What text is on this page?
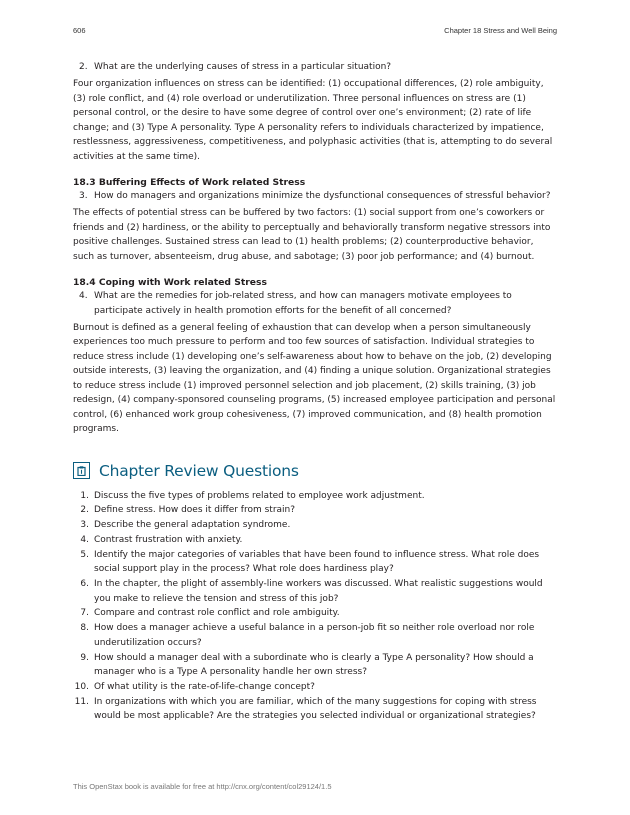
606	Chapter 18 Stress and Well Being
2. What are the underlying causes of stress in a particular situation?

Four organization influences on stress can be identified: (1) occupational differences, (2) role ambiguity, (3) role conflict, and (4) role overload or underutilization. Three personal influences on stress are (1) personal control, or the desire to have some degree of control over one’s environment; (2) rate of life change; and (3) Type A personality. Type A personality refers to individuals characterized by impatience, restlessness, aggressiveness, competitiveness, and polyphasic activities (that is, attempting to do several activities at the same time).

18.3 Buffering Effects of Work related Stress
3. How do managers and organizations minimize the dysfunctional consequences of stressful behavior?

The effects of potential stress can be buffered by two factors: (1) social support from one’s coworkers or friends and (2) hardiness, or the ability to perceptually and behaviorally transform negative stressors into positive challenges. Sustained stress can lead to (1) health problems; (2) counterproductive behavior, such as turnover, absenteeism, drug abuse, and sabotage; (3) poor job performance; and (4) burnout.

18.4 Coping with Work related Stress
4. What are the remedies for job-related stress, and how can managers motivate employees to participate actively in health promotion efforts for the benefit of all concerned?

Burnout is defined as a general feeling of exhaustion that can develop when a person simultaneously experiences too much pressure to perform and too few sources of satisfaction. Individual strategies to reduce stress include (1) developing one’s self-awareness about how to behave on the job, (2) developing outside interests, (3) leaving the organization, and (4) finding a unique solution. Organizational strategies to reduce stress include (1) improved personnel selection and job placement, (2) skills training, (3) job redesign, (4) company-sponsored counseling programs, (5) increased employee participation and personal control, (6) enhanced work group cohesiveness, (7) improved communication, and (8) health promotion programs.

Chapter Review Questions
1. Discuss the five types of problems related to employee work adjustment.
2. Define stress. How does it differ from strain?
3. Describe the general adaptation syndrome.
4. Contrast frustration with anxiety.
5. Identify the major categories of variables that have been found to influence stress. What role does social support play in the process? What role does hardiness play?
6. In the chapter, the plight of assembly-line workers was discussed. What realistic suggestions would you make to relieve the tension and stress of this job?
7. Compare and contrast role conflict and role ambiguity.
8. How does a manager achieve a useful balance in a person-job fit so neither role overload nor role underutilization occurs?
9. How should a manager deal with a subordinate who is clearly a Type A personality? How should a manager who is a Type A personality handle her own stress?
10. Of what utility is the rate-of-life-change concept?
11. In organizations with which you are familiar, which of the many suggestions for coping with stress would be most applicable? Are the strategies you selected individual or organizational strategies?
This OpenStax book is available for free at http://cnx.org/content/col29124/1.5
